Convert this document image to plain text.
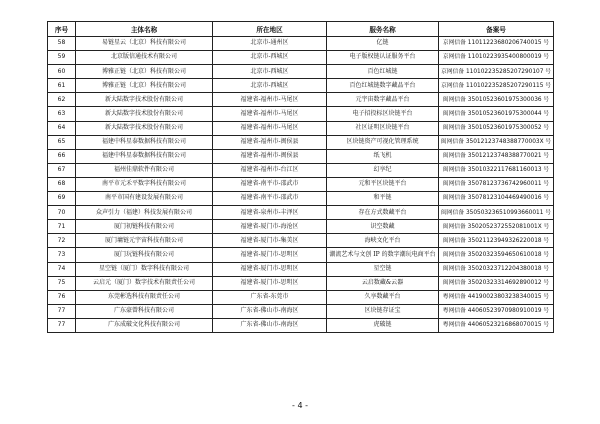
序号	主体名称	所在地区	服务名称	备案号
58	易链星云（北京）科技有限公司	北京市-通州区	亿链	京网信备 11011223680206740015 号
59	北京版信通技术有限公司	北京市-西城区	电子版权链认证服务平台	京网信备 11010223935400800019 号
60	博雅正链（北京）科技有限公司	北京市-西城区	百色红城链	京网信备 110102235285207290107 号
61	博雅正链（北京）科技有限公司	北京市-西城区	百色红城链数字藏品平台	京网信备 110102235285207290115 号
62	新大陆数字技术股份有限公司	福建省-福州市-马尾区	元宇宙数字藏品平台	闽网信备 35010523601975300036 号
63	新大陆数字技术股份有限公司	福建省-福州市-马尾区	电子招投标区块链平台	闽网信备 35010523601975300044 号
64	新大陆数字技术股份有限公司	福建省-福州市-马尾区	社区证明区块链平台	闽网信备 35010523601975300052 号
65	福建中科星泰数据科技有限公司	福建省-福州市-闽侯县	区块链资产可视化管理系统	闽网信备 35012123748388770003X 号
66	福建中科星泰数据科技有限公司	福建省-福州市-闽侯县	纸飞机	闽网信备 35012123748388770021 号
67	福州佳鼎软件有限公司	福建省-福州市-台江区	幻享纪	闽网信备 35010322117681160013 号
68	南平市元禾平数字科技有限公司	福建省-南平市-邵武市	元和平区块链平台	闽网信备 35078123736742960011 号
69	南平市国有建设发展有限公司	福建省-南平市-邵武市	和平链	闽网信备 35078123104469490016 号
70	众声引力（福建）科技发展有限公司	福建省-泉州市-丰泽区	存在方式数藏平台	闽网信备 350503236510993660011 号
71	厦门初链科技有限公司	福建省-厦门市-海沧区	识空数藏	闽网信备 3502052372552081001X 号
72	厦门墉链元宇宙科技有限公司	福建省-厦门市-集美区	海峡文化平台	闽网信备 35021123949326220018 号
73	厦门玩链科技有限公司	福建省-厦门市-思明区	潮流艺术与文创 IP 的数字潮玩电商平台	闽网信备 35020323594650610018 号
74	星空链（厦门）数字科技有限公司	福建省-厦门市-思明区	星空链	闽网信备 35020323712204380018 号
75	云启元（厦门）数字技术有限责任公司	福建省-厦门市-思明区	云启数藏&云器	闽网信备 35020323314692890012 号
76	东莞彬选科技有限责任公司	广东省-东莞市	久享数藏平台	粤网信备 44190023803238340015 号
77	广东豪曾科技有限公司	广东省-佛山市-南海区	区块链存证宝	粤网信备 44060523970980910019 号
77	广东成破文化科技有限公司	广东省-佛山市-南海区	虎破链	粤网信备 44060523216868070015 号
- 4 -
